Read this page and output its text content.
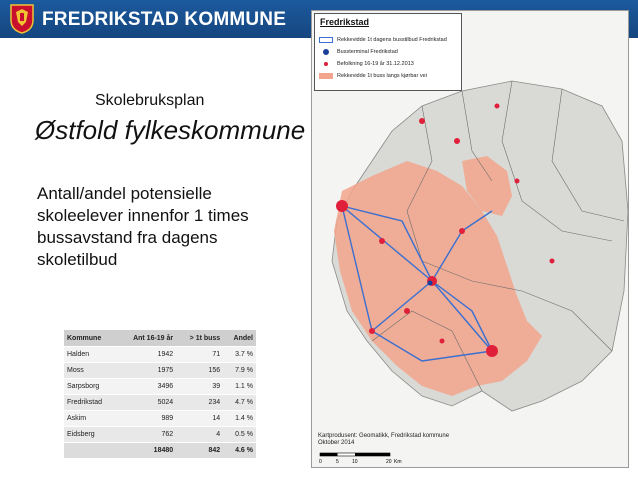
FREDRIKSTAD KOMMUNE
Skolebruksplan
Østfold fylkeskommune
Antall/andel potensielle skoleelever innenfor 1 times bussavstand fra dagens skoletilbud
Kommune	Ant 16-19 år	> 1t buss	Andel
Halden	1942	71	3.7 %
Moss	1975	156	7.9 %
Sarpsborg	3496	39	1.1 %
Fredrikstad	5024	234	4.7 %
Askim	989	14	1.4 %
Eidsberg	762	4	0.5 %
	18480	842	4.6 %
Fredrikstad
Rekkevidde 1t dagens busstilbud Fredrikstad
Bussterminal Fredrikstad
Befolkning 16-19 år 31.12.2013
Rekkevidde 1t buss langs kjørbar vei
Kartprodusent: Geomatikk, Fredrikstad kommune
Oktober 2014
0	5	10	20 Km
